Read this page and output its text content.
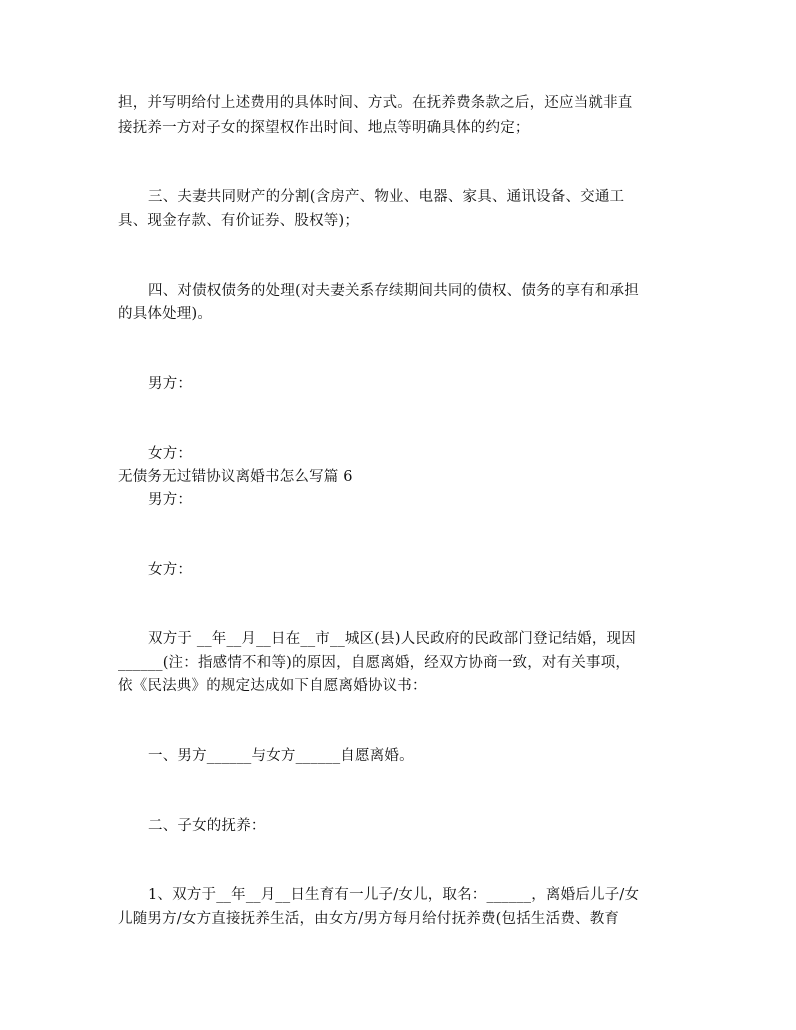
担，并写明给付上述费用的具体时间、方式。在抚养费条款之后，还应当就非直
接抚养一方对子女的探望权作出时间、地点等明确具体的约定；
三、夫妻共同财产的分割(含房产、物业、电器、家具、通讯设备、交通工
具、现金存款、有价证券、股权等)；
四、对债权债务的处理(对夫妻关系存续期间共同的债权、债务的享有和承担
的具体处理)。
男方：
女方：
无债务无过错协议离婚书怎么写篇 6
男方：
女方：
双方于 __年__月__日在__市__城区(县)人民政府的民政部门登记结婚，现因
______(注：指感情不和等)的原因，自愿离婚，经双方协商一致，对有关事项，
依《民法典》的规定达成如下自愿离婚协议书：
一、男方______与女方______自愿离婚。
二、子女的抚养：
1、双方于__年__月__日生育有一儿子/女儿，取名：______，离婚后儿子/女
儿随男方/女方直接抚养生活，由女方/男方每月给付抚养费(包括生活费、教育
